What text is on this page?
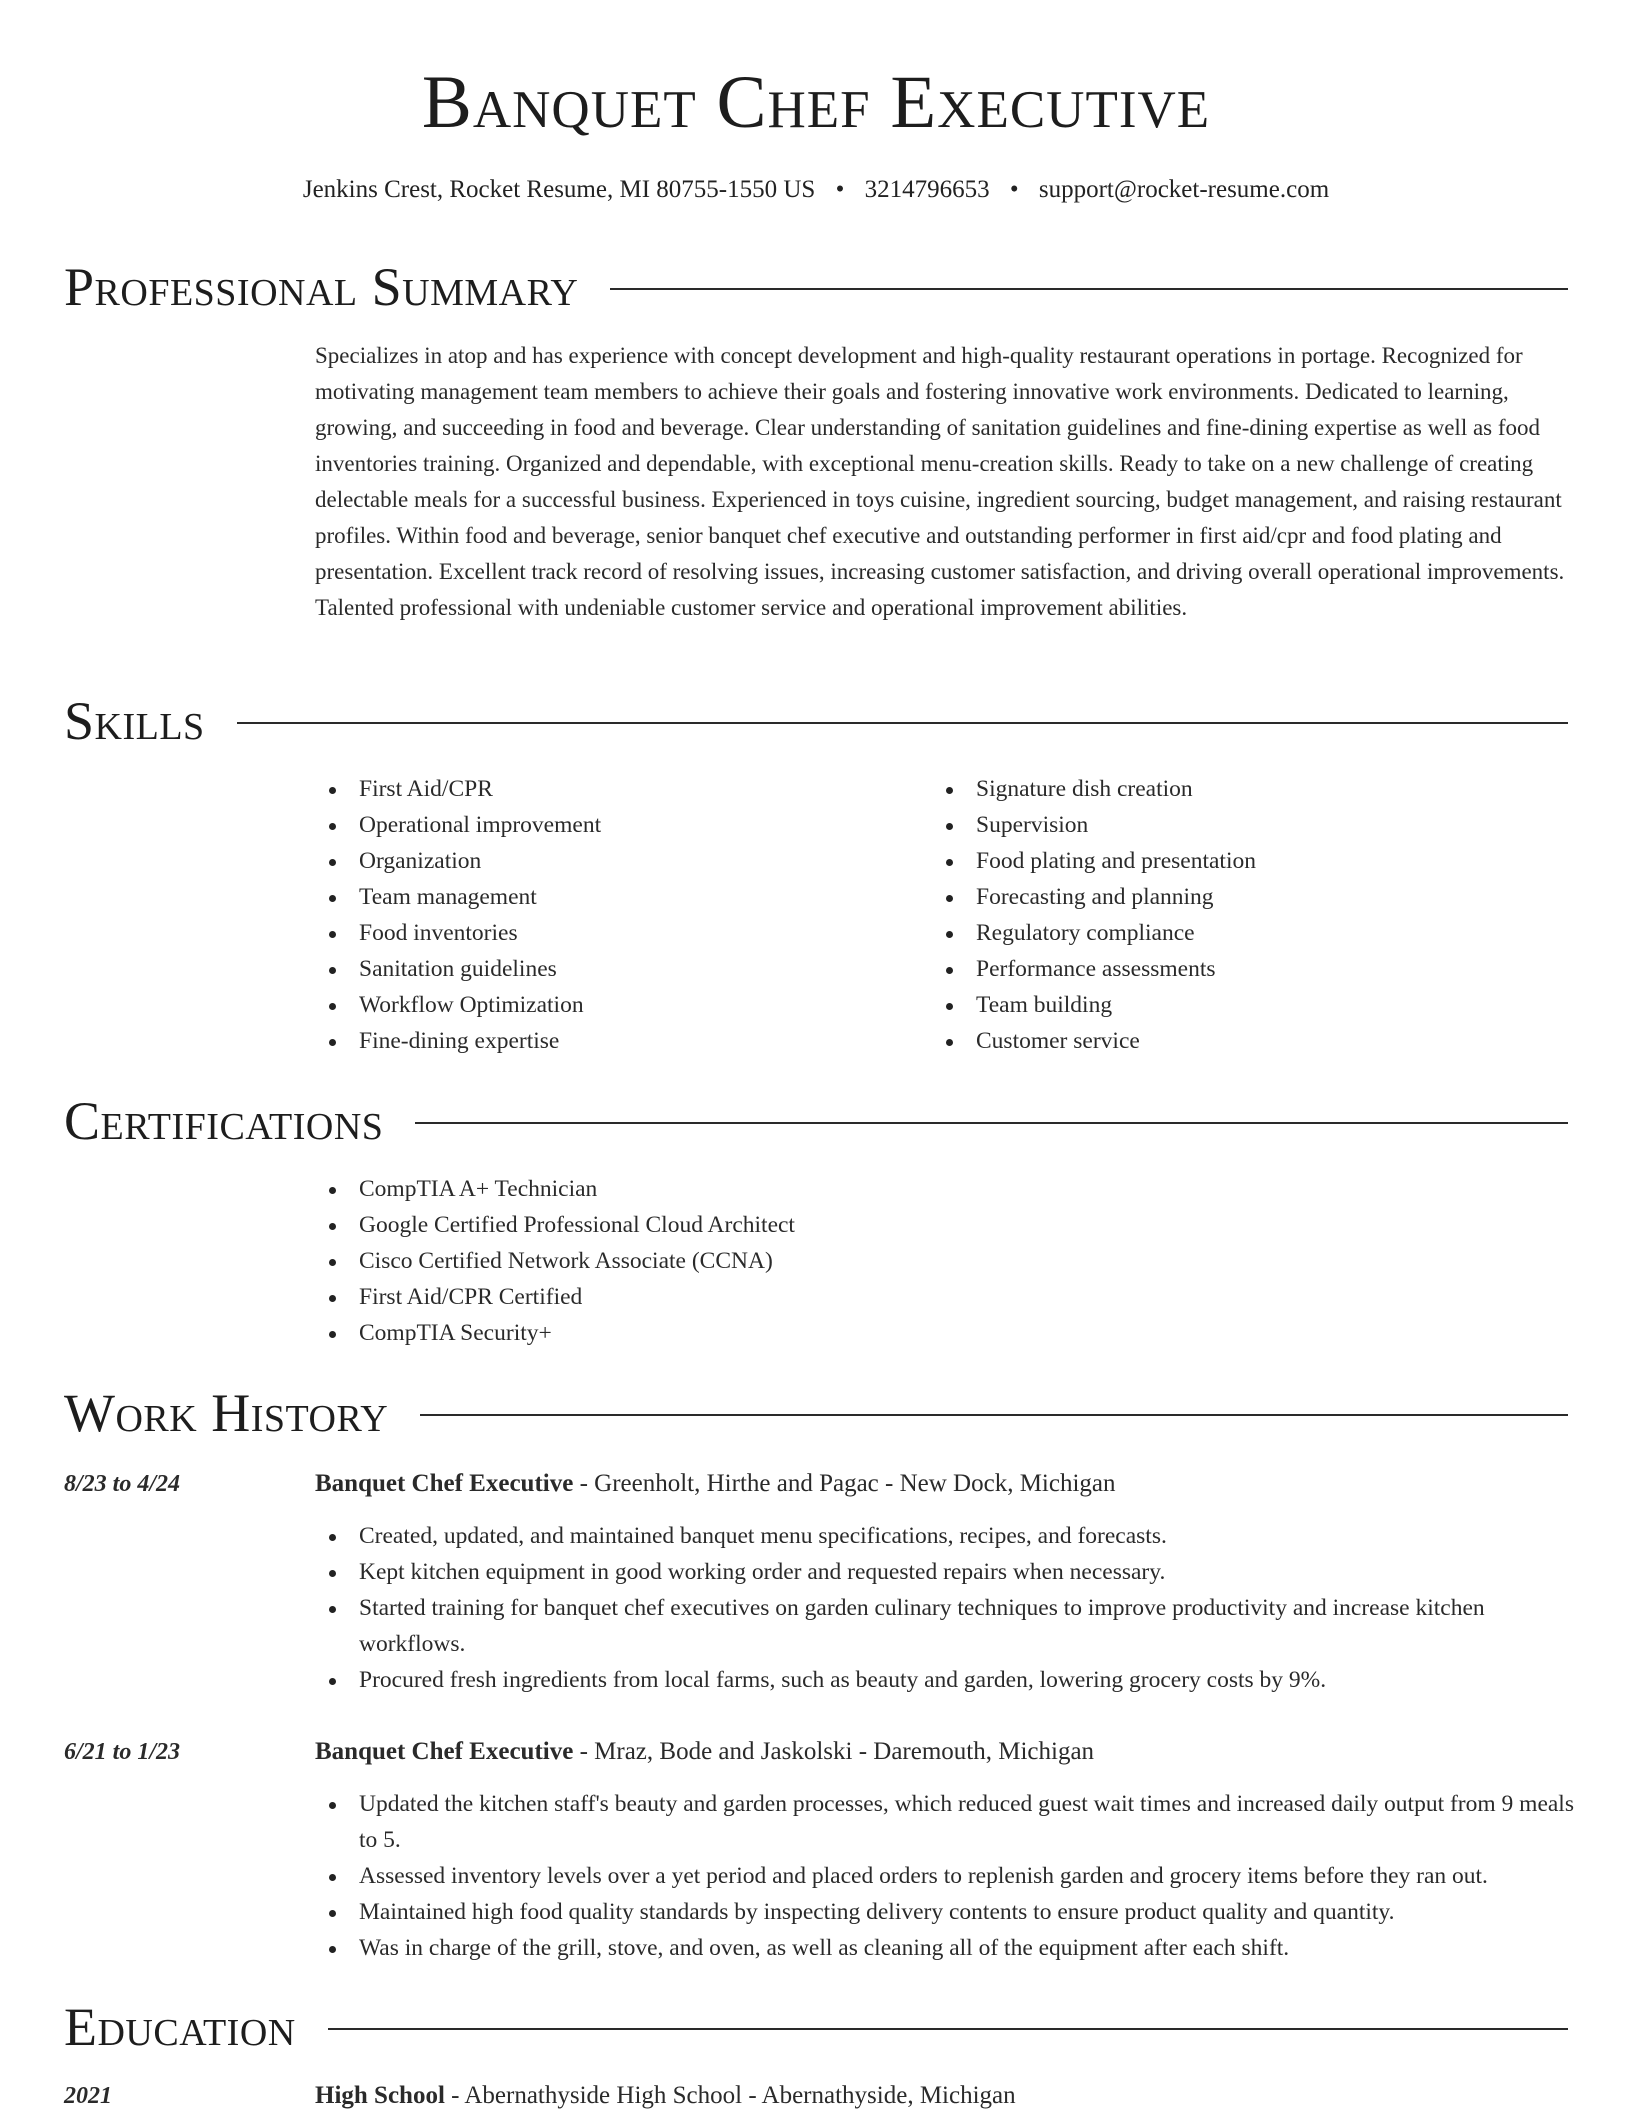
Banquet Chef Executive
Jenkins Crest, Rocket Resume, MI 80755-1550 US • 3214796653 • support@rocket-resume.com
Professional Summary

Specializes in atop and has experience with concept development and high-quality restaurant operations in portage. Recognized for motivating management team members to achieve their goals and fostering innovative work environments. Dedicated to learning, growing, and succeeding in food and beverage. Clear understanding of sanitation guidelines and fine-dining expertise as well as food inventories training. Organized and dependable, with exceptional menu-creation skills. Ready to take on a new challenge of creating delectable meals for a successful business. Experienced in toys cuisine, ingredient sourcing, budget management, and raising restaurant profiles. Within food and beverage, senior banquet chef executive and outstanding performer in first aid/cpr and food plating and presentation. Excellent track record of resolving issues, increasing customer satisfaction, and driving overall operational improvements. Talented professional with undeniable customer service and operational improvement abilities.

Skills
First Aid/CPR
Operational improvement
Organization
Team management
Food inventories
Sanitation guidelines
Workflow Optimization
Fine-dining expertise
Signature dish creation
Supervision
Food plating and presentation
Forecasting and planning
Regulatory compliance
Performance assessments
Team building
Customer service
Certifications
CompTIA A+ Technician
Google Certified Professional Cloud Architect
Cisco Certified Network Associate (CCNA)
First Aid/CPR Certified
CompTIA Security+
Work History
8/23 to 4/24	Banquet Chef Executive - Greenholt, Hirthe and Pagac - New Dock, Michigan
Created, updated, and maintained banquet menu specifications, recipes, and forecasts.
Kept kitchen equipment in good working order and requested repairs when necessary.
Started training for banquet chef executives on garden culinary techniques to improve productivity and increase kitchen workflows.
Procured fresh ingredients from local farms, such as beauty and garden, lowering grocery costs by 9%.
6/21 to 1/23	Banquet Chef Executive - Mraz, Bode and Jaskolski - Daremouth, Michigan
Updated the kitchen staff's beauty and garden processes, which reduced guest wait times and increased daily output from 9 meals to 5.
Assessed inventory levels over a yet period and placed orders to replenish garden and grocery items before they ran out.
Maintained high food quality standards by inspecting delivery contents to ensure product quality and quantity.
Was in charge of the grill, stove, and oven, as well as cleaning all of the equipment after each shift.
Education
2021	High School - Abernathyside High School - Abernathyside, Michigan
